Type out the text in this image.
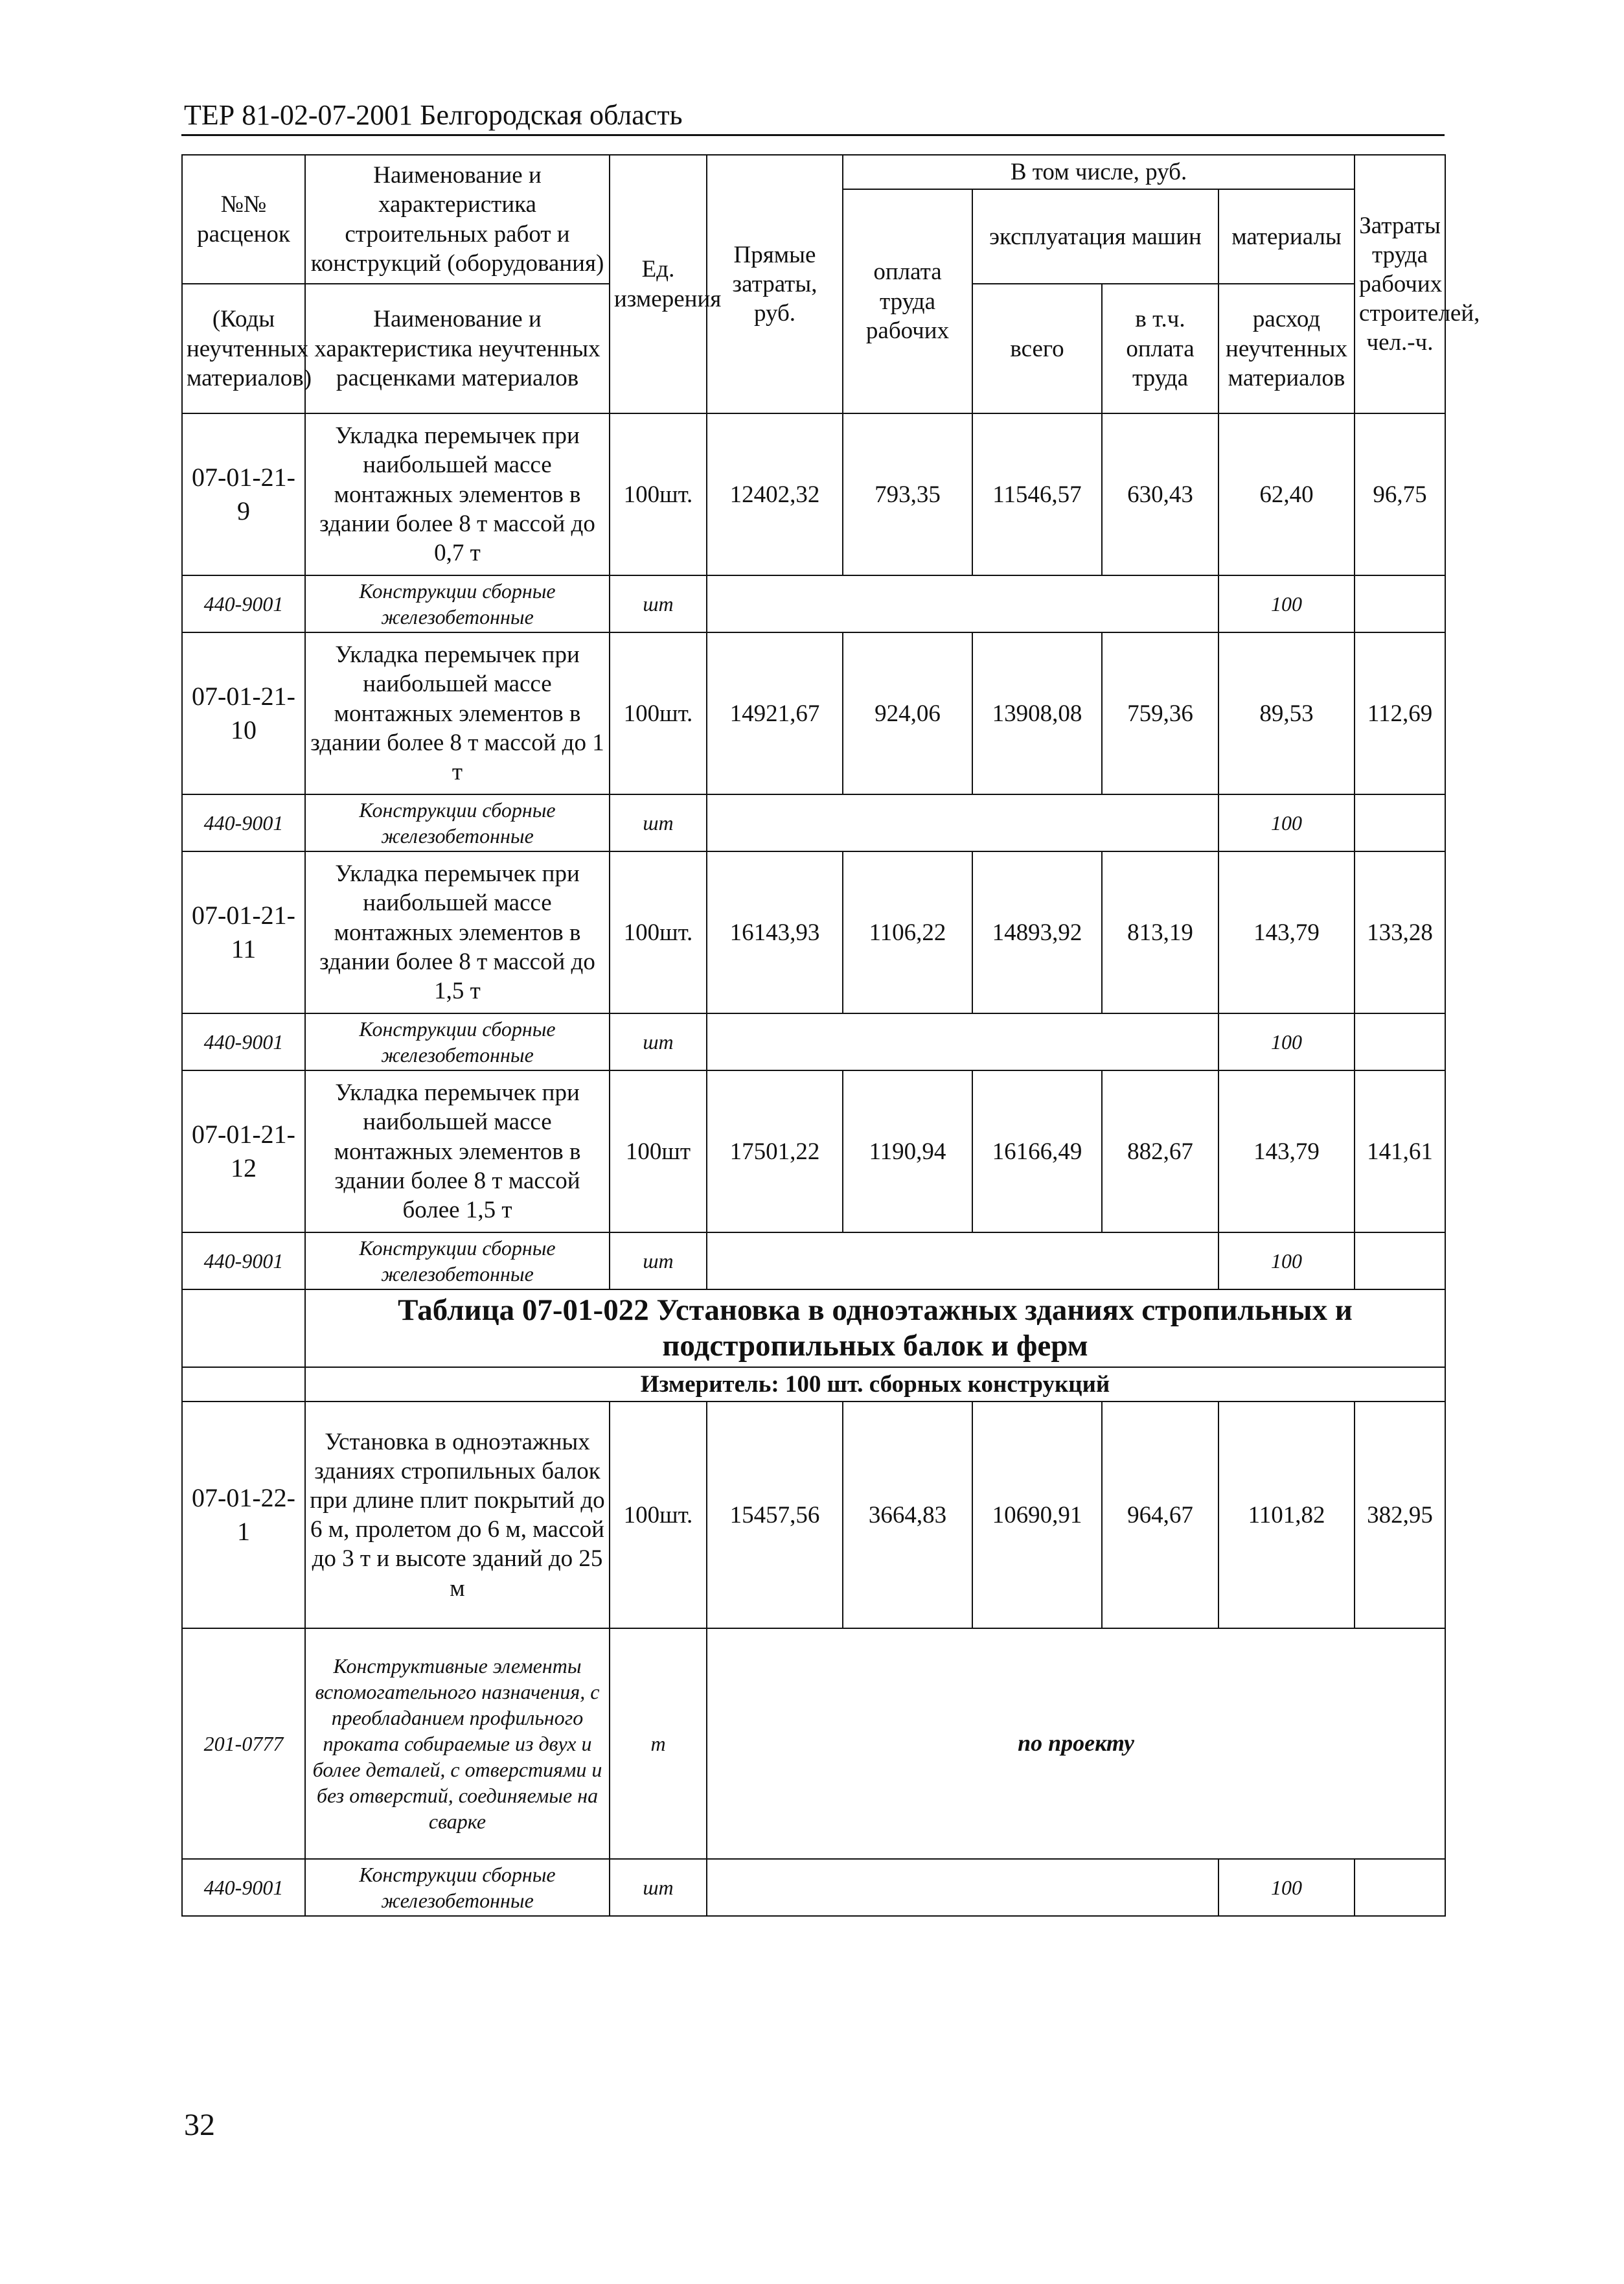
ТЕР 81-02-07-2001 Белгородская область
№№ расценок	Наименование и характеристика строительных работ и конструкций (оборудования)	Ед. измерения	Прямые затраты, руб.	В том числе, руб.				Затраты труда рабочих строителей, чел.-ч.
				оплата труда рабочих	эксплуатация машин		материалы	
(Коды неучтенных материалов)	Наименование и характеристика неучтенных расценками материалов				всего	в т.ч. оплата труда	расход неучтенных материалов	

07-01-21-9	Укладка перемычек при наибольшей массе монтажных элементов в здании более 8 т массой до 0,7 т	100шт.	12402,32	793,35	11546,57	630,43	62,40	96,75
440-9001	Конструкции сборные железобетонные	шт					100	
07-01-21-10	Укладка перемычек при наибольшей массе монтажных элементов в здании более 8 т массой до 1 т	100шт.	14921,67	924,06	13908,08	759,36	89,53	112,69
440-9001	Конструкции сборные железобетонные	шт					100	
07-01-21-11	Укладка перемычек при наибольшей массе монтажных элементов в здании более 8 т массой до 1,5 т	100шт.	16143,93	1106,22	14893,92	813,19	143,79	133,28
440-9001	Конструкции сборные железобетонные	шт					100	
07-01-21-12	Укладка перемычек при наибольшей массе монтажных элементов в здании более 8 т массой более 1,5 т	100шт	17501,22	1190,94	16166,49	882,67	143,79	141,61
440-9001	Конструкции сборные железобетонные	шт					100	
	Таблица 07-01-022 Установка в одноэтажных зданиях стропильных и подстропильных балок и ферм							
	Измеритель: 100 шт. сборных конструкций							
07-01-22-1	Установка в одноэтажных зданиях стропильных балок при длине плит покрытий до 6 м, пролетом до 6 м, массой до 3 т и высоте зданий до 25 м	100шт.	15457,56	3664,83	10690,91	964,67	1101,82	382,95
201-0777	Конструктивные элементы вспомогательного назначения, с преобладанием профильного проката собираемые из двух и более деталей, с отверстиями и без отверстий, соединяемые на сварке	т	по проекту					
440-9001	Конструкции сборные железобетонные	шт					100	
32
